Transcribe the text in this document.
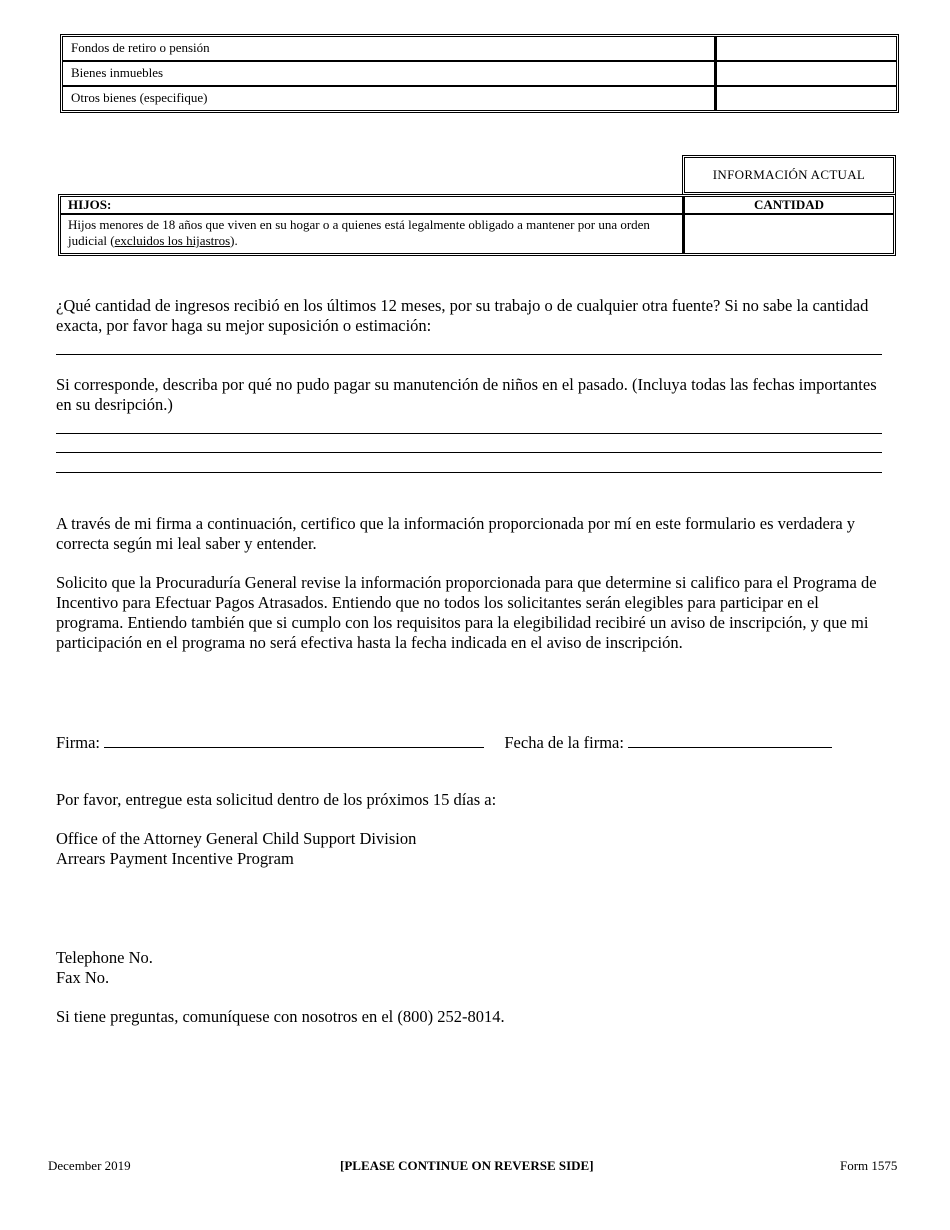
Fondos de retiro o pensión
Bienes inmuebles
Otros bienes (especifique)
INFORMACIÓN ACTUAL
HIJOS:	CANTIDAD
Hijos menores de 18 años que viven en su hogar o a quienes está legalmente obligado a mantener por una orden judicial (excluidos los hijastros).
¿Qué cantidad de ingresos recibió en los últimos 12 meses, por su trabajo o de cualquier otra fuente? Si no sabe la cantidad exacta, por favor haga su mejor suposición o estimación:
Si corresponde, describa por qué no pudo pagar su manutención de niños en el pasado. (Incluya todas las fechas importantes en su desripción.)
A través de mi firma a continuación, certifico que la información proporcionada por mí en este formulario es verdadera y correcta según mi leal saber y entender.
Solicito que la Procuraduría General revise la información proporcionada para que determine si califico para el Programa de Incentivo para Efectuar Pagos Atrasados. Entiendo que no todos los solicitantes serán elegibles para participar en el programa. Entiendo también que si cumplo con los requisitos para la elegibilidad recibiré un aviso de inscripción, y que mi participación en el programa no será efectiva hasta la fecha indicada en el aviso de inscripción.
Firma:	Fecha de la firma:
Por favor, entregue esta solicitud dentro de los próximos 15 días a:
Office of the Attorney General Child Support Division
Arrears Payment Incentive Program
Telephone No.
Fax No.
Si tiene preguntas, comuníquese con nosotros en el (800) 252-8014.
December 2019	[PLEASE CONTINUE ON REVERSE SIDE]	Form 1575
